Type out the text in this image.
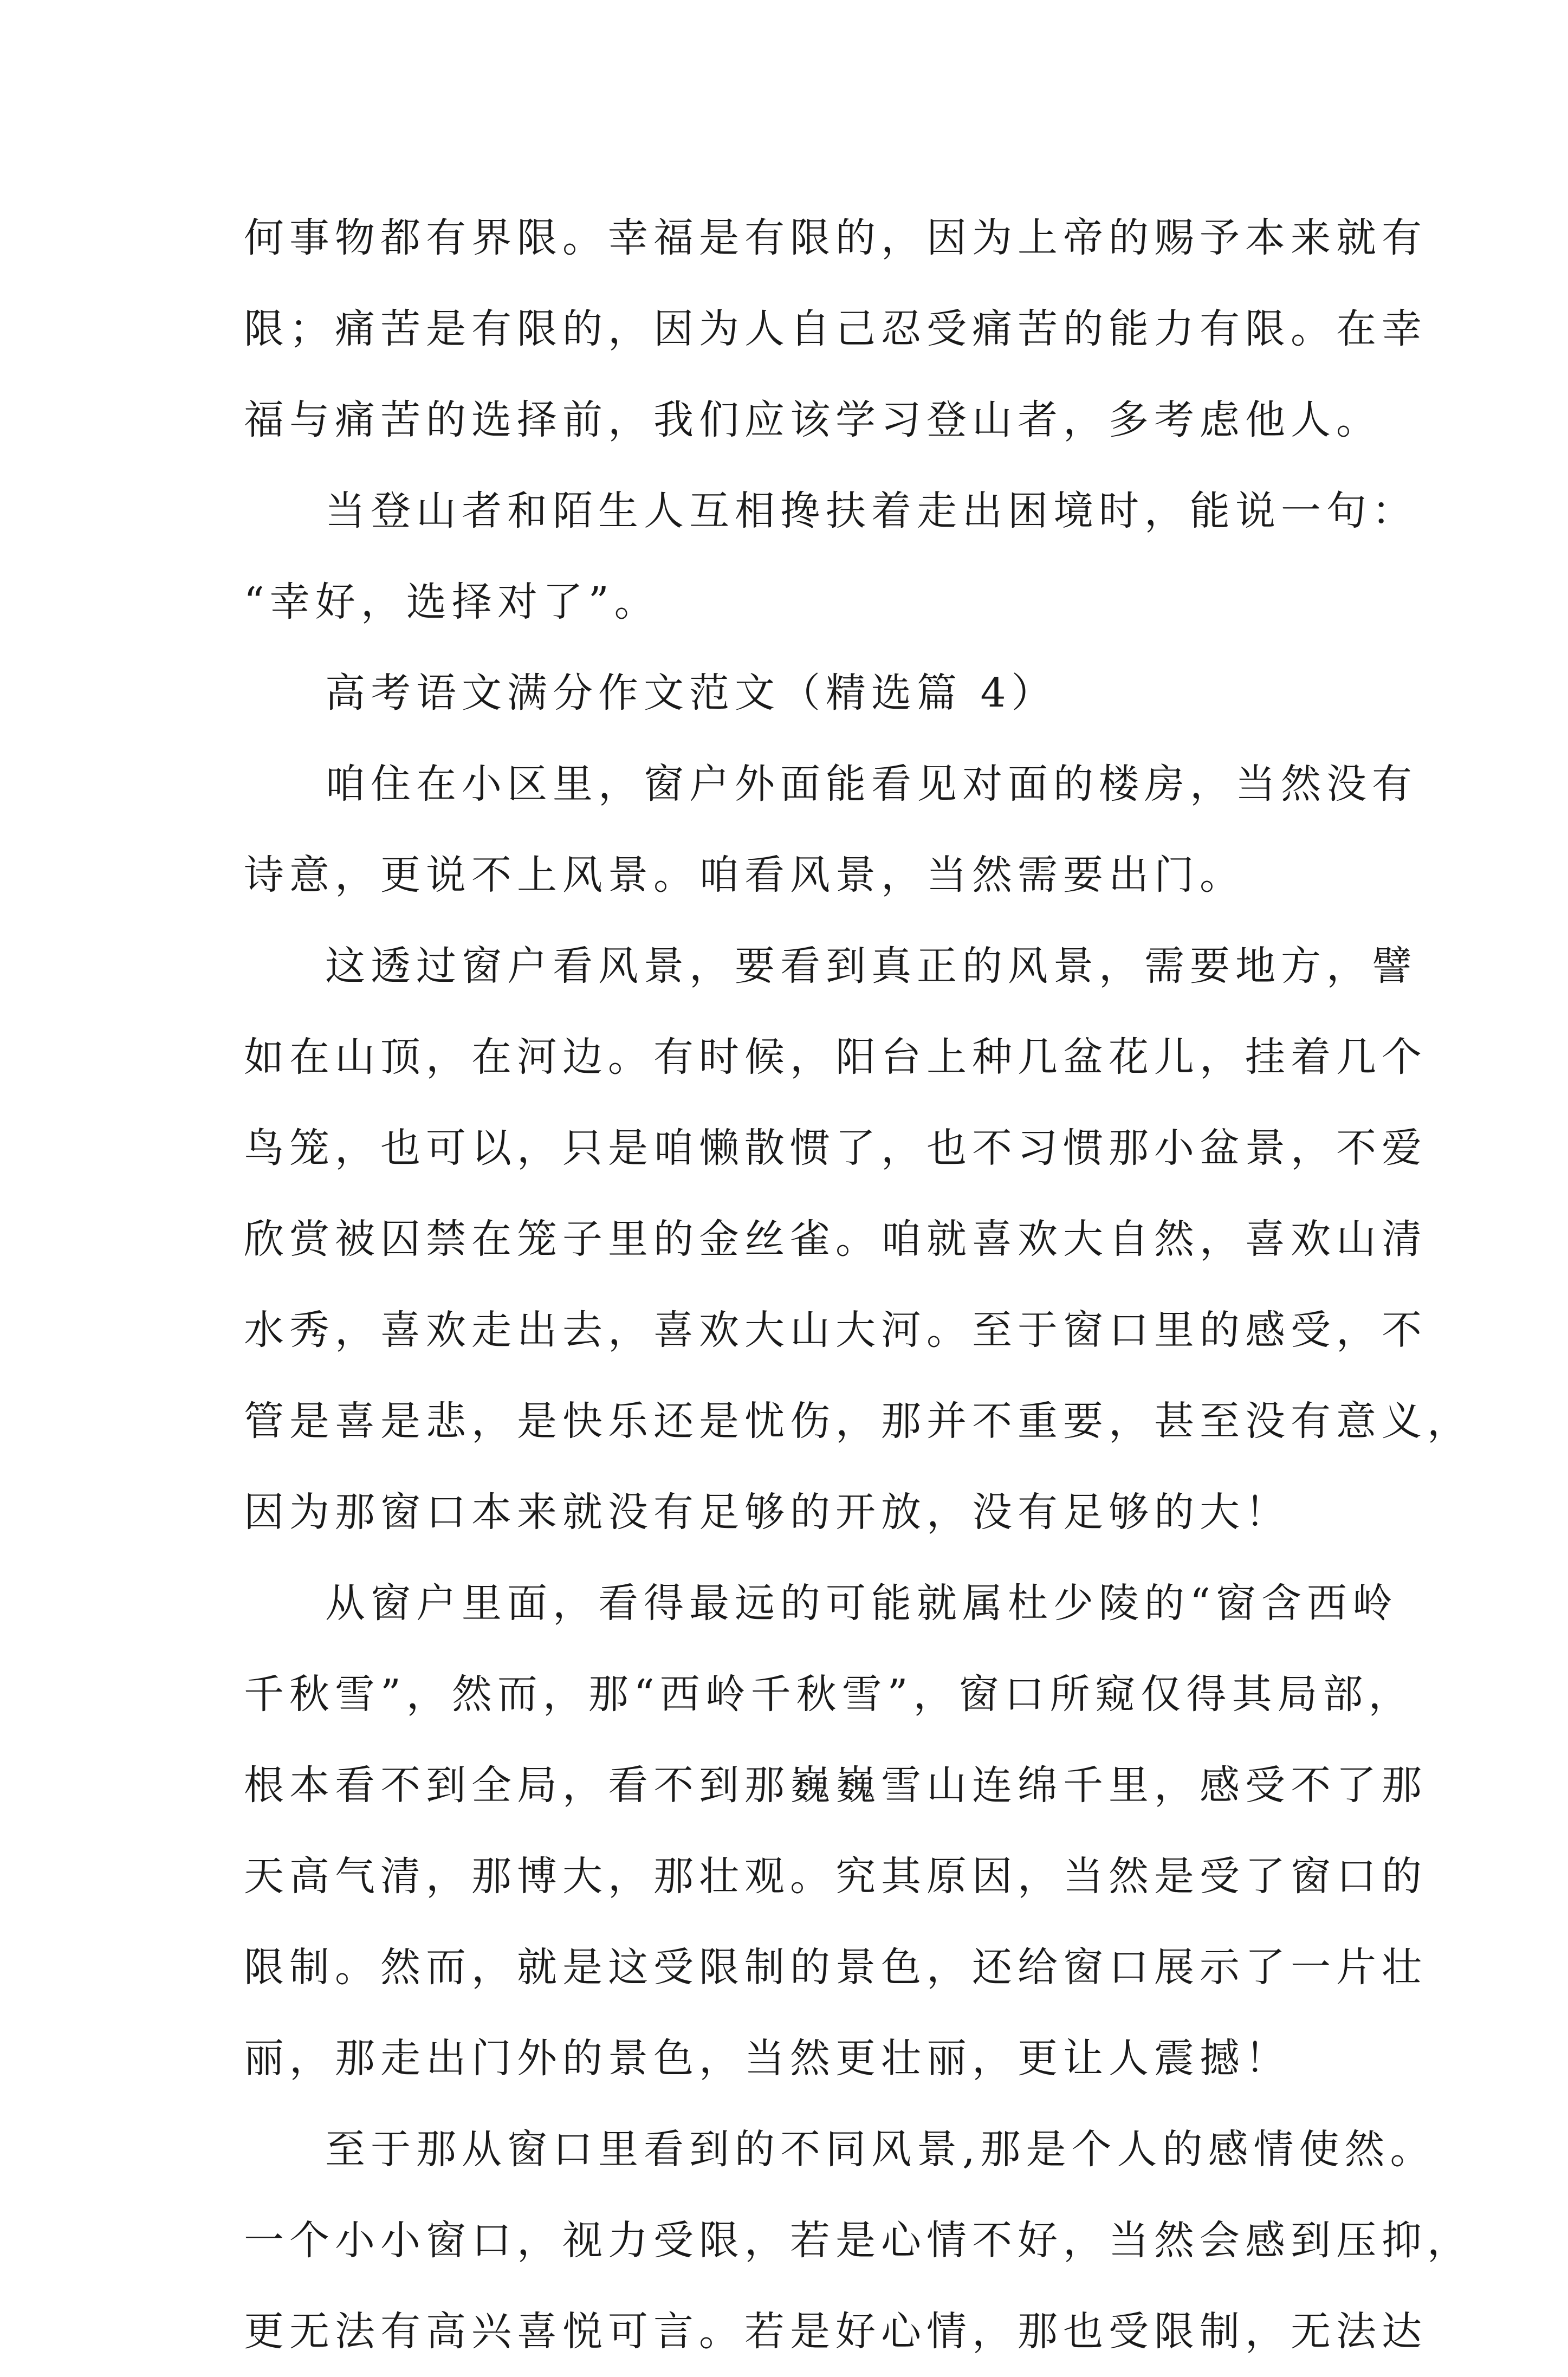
何事物都有界限。幸福是有限的，因为上帝的赐予本来就有
限；痛苦是有限的，因为人自己忍受痛苦的能力有限。在幸
福与痛苦的选择前，我们应该学习登山者，多考虑他人。
当登山者和陌生人互相搀扶着走出困境时，能说一句：
“幸好，选择对了”。
高考语文满分作文范文（精选篇 4）
咱住在小区里，窗户外面能看见对面的楼房，当然没有
诗意，更说不上风景。咱看风景，当然需要出门。
这透过窗户看风景，要看到真正的风景，需要地方，譬
如在山顶，在河边。有时候，阳台上种几盆花儿，挂着几个
鸟笼，也可以，只是咱懒散惯了，也不习惯那小盆景，不爱
欣赏被囚禁在笼子里的金丝雀。咱就喜欢大自然，喜欢山清
水秀，喜欢走出去，喜欢大山大河。至于窗口里的感受，不
管是喜是悲，是快乐还是忧伤，那并不重要，甚至没有意义，
因为那窗口本来就没有足够的开放，没有足够的大！
从窗户里面，看得最远的可能就属杜少陵的“窗含西岭
千秋雪”，然而，那“西岭千秋雪”，窗口所窥仅得其局部，
根本看不到全局，看不到那巍巍雪山连绵千里，感受不了那
天高气清，那博大，那壮观。究其原因，当然是受了窗口的
限制。然而，就是这受限制的景色，还给窗口展示了一片壮
丽，那走出门外的景色，当然更壮丽，更让人震撼！
至于那从窗口里看到的不同风景,那是个人的感情使然。
一个小小窗口，视力受限，若是心情不好，当然会感到压抑，
更无法有高兴喜悦可言。若是好心情，那也受限制，无法达
